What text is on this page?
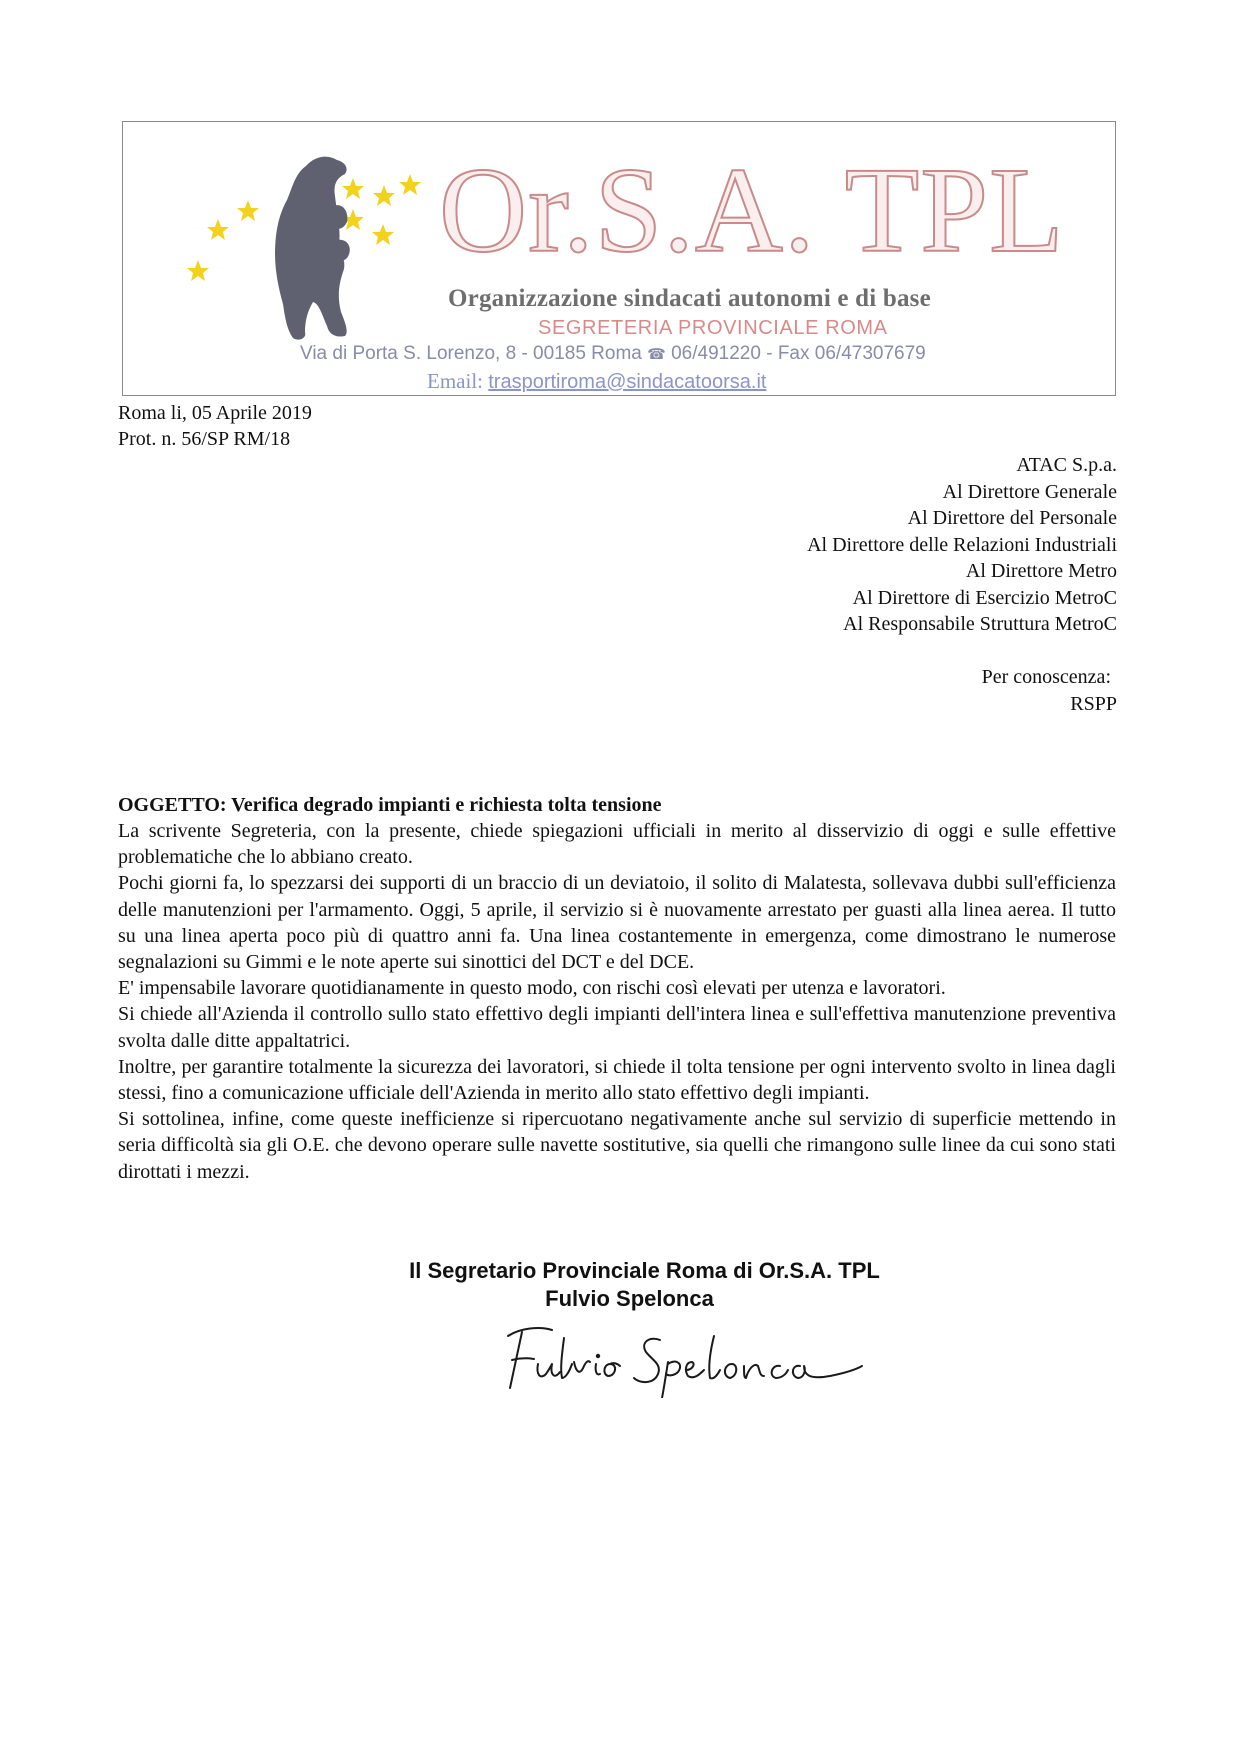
Or.S.A. TPL
Organizzazione sindacati autonomi e di base
SEGRETERIA PROVINCIALE ROMA
Via di Porta S. Lorenzo, 8 - 00185 Roma ☎ 06/491220 - Fax 06/47307679
Email: trasportiroma@sindacatoorsa.it
Roma li, 05 Aprile 2019
Prot. n. 56/SP RM/18
ATAC S.p.a.
Al Direttore Generale
Al Direttore del Personale
Al Direttore delle Relazioni Industriali
Al Direttore Metro
Al Direttore di Esercizio MetroC
Al Responsabile Struttura MetroC
Per conoscenza:
RSPP
OGGETTO: Verifica degrado impianti e richiesta tolta tensione

La scrivente Segreteria, con la presente, chiede spiegazioni ufficiali in merito al disservizio di oggi e sulle effettive problematiche che lo abbiano creato.

Pochi giorni fa, lo spezzarsi dei supporti di un braccio di un deviatoio, il solito di Malatesta, sollevava dubbi sull'efficienza delle manutenzioni per l'armamento. Oggi, 5 aprile, il servizio si è nuovamente arrestato per guasti alla linea aerea. Il tutto su una linea aperta poco più di quattro anni fa. Una linea costantemente in emergenza, come dimostrano le numerose segnalazioni su Gimmi e le note aperte sui sinottici del DCT e del DCE.

E' impensabile lavorare quotidianamente in questo modo, con rischi così elevati per utenza e lavoratori.

Si chiede all'Azienda il controllo sullo stato effettivo degli impianti dell'intera linea e sull'effettiva manutenzione preventiva svolta dalle ditte appaltatrici.

Inoltre, per garantire totalmente la sicurezza dei lavoratori, si chiede il tolta tensione per ogni intervento svolto in linea dagli stessi, fino a comunicazione ufficiale dell'Azienda in merito allo stato effettivo degli impianti.

Si sottolinea, infine, come queste inefficienze si ripercuotano negativamente anche sul servizio di superficie mettendo in seria difficoltà sia gli O.E. che devono operare sulle navette sostitutive, sia quelli che rimangono sulle linee da cui sono stati dirottati i mezzi.

Il Segretario Provinciale Roma di Or.S.A. TPL
Fulvio Spelonca
